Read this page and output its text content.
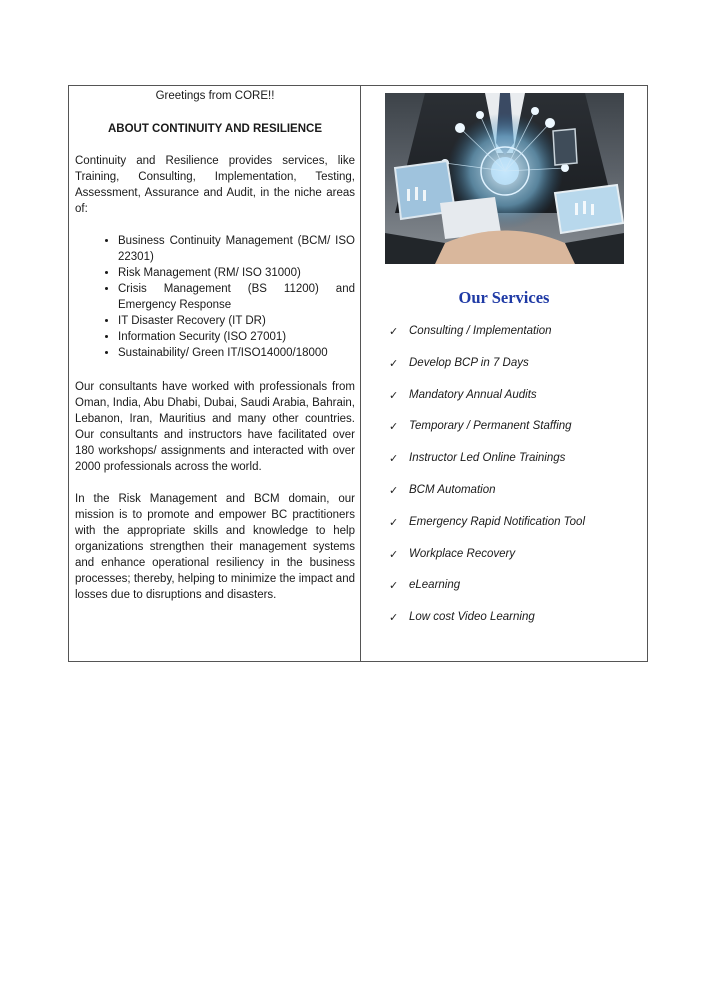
Greetings from CORE!!
ABOUT CONTINUITY AND RESILIENCE

Continuity and Resilience provides services, like Training, Consulting, Implementation, Testing, Assessment, Assurance and Audit, in the niche areas of:

• Business Continuity Management (BCM/ ISO 22301)
• Risk Management (RM/ ISO 31000)
• Crisis Management (BS 11200) and Emergency Response
• IT Disaster Recovery (IT DR)
• Information Security (ISO 27001)
• Sustainability/ Green IT/ISO14000/18000

Our consultants have worked with professionals from Oman, India, Abu Dhabi, Dubai, Saudi Arabia, Bahrain, Lebanon, Iran, Mauritius and many other countries. Our consultants and instructors have facilitated over 180 workshops/ assignments and interacted with over 2000 professionals across the world.

In the Risk Management and BCM domain, our mission is to promote and empower BC practitioners with the appropriate skills and knowledge to help organizations strengthen their management systems and enhance operational resiliency in the business processes; thereby, helping to minimize the impact and losses due to disruptions and disasters.

Our Services
✓ Consulting / Implementation
✓ Develop BCP in 7 Days
✓ Mandatory Annual Audits
✓ Temporary / Permanent Staffing
✓ Instructor Led Online Trainings
✓ BCM Automation
✓ Emergency Rapid Notification Tool
✓ Workplace Recovery
✓ eLearning
✓ Low cost Video Learning
